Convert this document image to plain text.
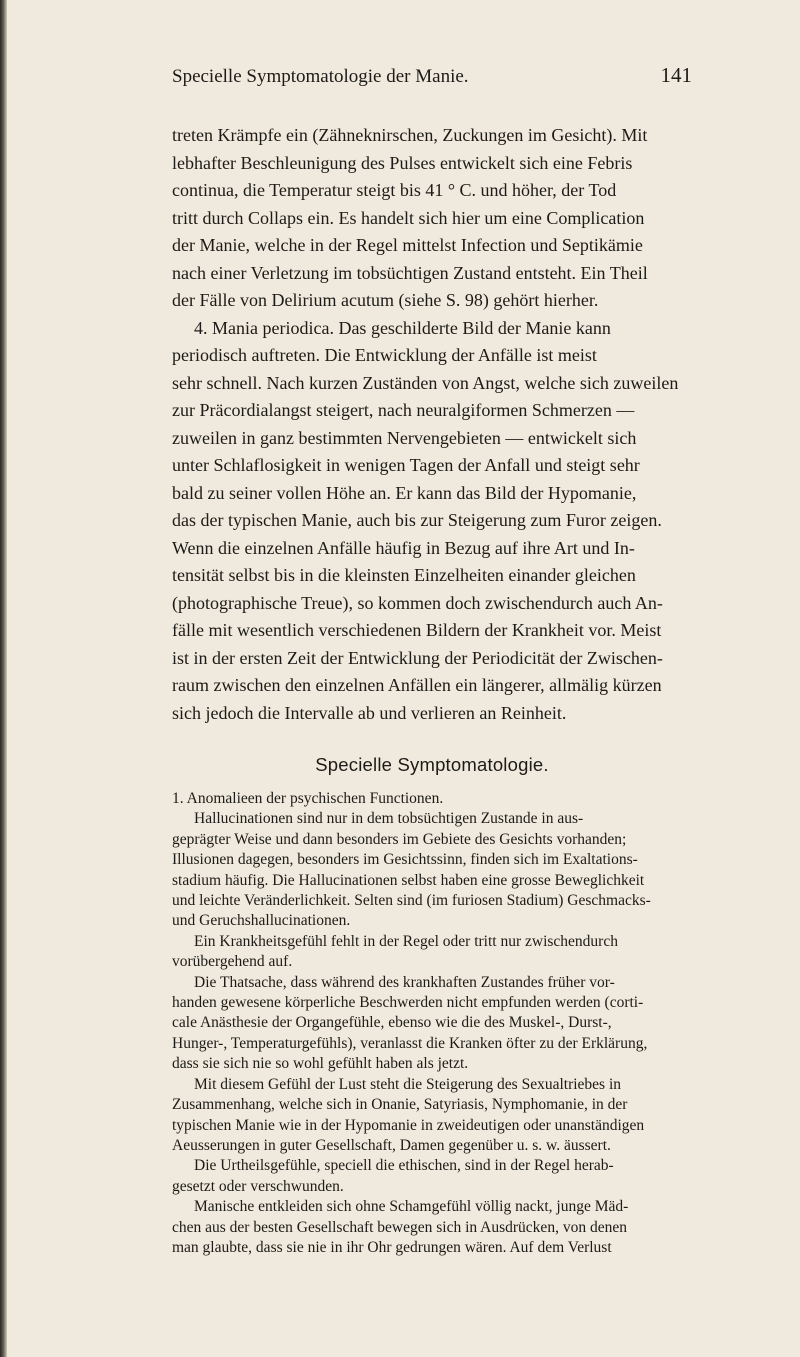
Specielle Symptomatologie der Manie.	141
treten Krämpfe ein (Zähneknirschen, Zuckungen im Gesicht). Mit
lebhafter Beschleunigung des Pulses entwickelt sich eine Febris
continua, die Temperatur steigt bis 41 ° C. und höher, der Tod
tritt durch Collaps ein. Es handelt sich hier um eine Complication
der Manie, welche in der Regel mittelst Infection und Septikämie
nach einer Verletzung im tobsüchtigen Zustand entsteht. Ein Theil
der Fälle von Delirium acutum (siehe S. 98) gehört hierher.
4. Mania periodica. Das geschilderte Bild der Manie kann
periodisch auftreten. Die Entwicklung der Anfälle ist meist
sehr schnell. Nach kurzen Zuständen von Angst, welche sich zuweilen
zur Präcordialangst steigert, nach neuralgiformen Schmerzen —
zuweilen in ganz bestimmten Nervengebieten — entwickelt sich
unter Schlaflosigkeit in wenigen Tagen der Anfall und steigt sehr
bald zu seiner vollen Höhe an. Er kann das Bild der Hypomanie,
das der typischen Manie, auch bis zur Steigerung zum Furor zeigen.
Wenn die einzelnen Anfälle häufig in Bezug auf ihre Art und In-
tensität selbst bis in die kleinsten Einzelheiten einander gleichen
(photographische Treue), so kommen doch zwischendurch auch An-
fälle mit wesentlich verschiedenen Bildern der Krankheit vor. Meist
ist in der ersten Zeit der Entwicklung der Periodicität der Zwischen-
raum zwischen den einzelnen Anfällen ein längerer, allmälig kürzen
sich jedoch die Intervalle ab und verlieren an Reinheit.
Specielle Symptomatologie.
1. Anomalieen der psychischen Functionen.
Hallucinationen sind nur in dem tobsüchtigen Zustande in aus-
geprägter Weise und dann besonders im Gebiete des Gesichts vorhanden;
Illusionen dagegen, besonders im Gesichtssinn, finden sich im Exaltations-
stadium häufig. Die Hallucinationen selbst haben eine grosse Beweglichkeit
und leichte Veränderlichkeit. Selten sind (im furiosen Stadium) Geschmacks-
und Geruchshallucinationen.
Ein Krankheitsgefühl fehlt in der Regel oder tritt nur zwischendurch
vorübergehend auf.
Die Thatsache, dass während des krankhaften Zustandes früher vor-
handen gewesene körperliche Beschwerden nicht empfunden werden (corti-
cale Anästhesie der Organgefühle, ebenso wie die des Muskel-, Durst-,
Hunger-, Temperaturgefühls), veranlasst die Kranken öfter zu der Erklärung,
dass sie sich nie so wohl gefühlt haben als jetzt.
Mit diesem Gefühl der Lust steht die Steigerung des Sexualtriebes in
Zusammenhang, welche sich in Onanie, Satyriasis, Nymphomanie, in der
typischen Manie wie in der Hypomanie in zweideutigen oder unanständigen
Aeusserungen in guter Gesellschaft, Damen gegenüber u. s. w. äussert.
Die Urtheilsgefühle, speciell die ethischen, sind in der Regel herab-
gesetzt oder verschwunden.
Manische entkleiden sich ohne Schamgefühl völlig nackt, junge Mäd-
chen aus der besten Gesellschaft bewegen sich in Ausdrücken, von denen
man glaubte, dass sie nie in ihr Ohr gedrungen wären. Auf dem Verlust
